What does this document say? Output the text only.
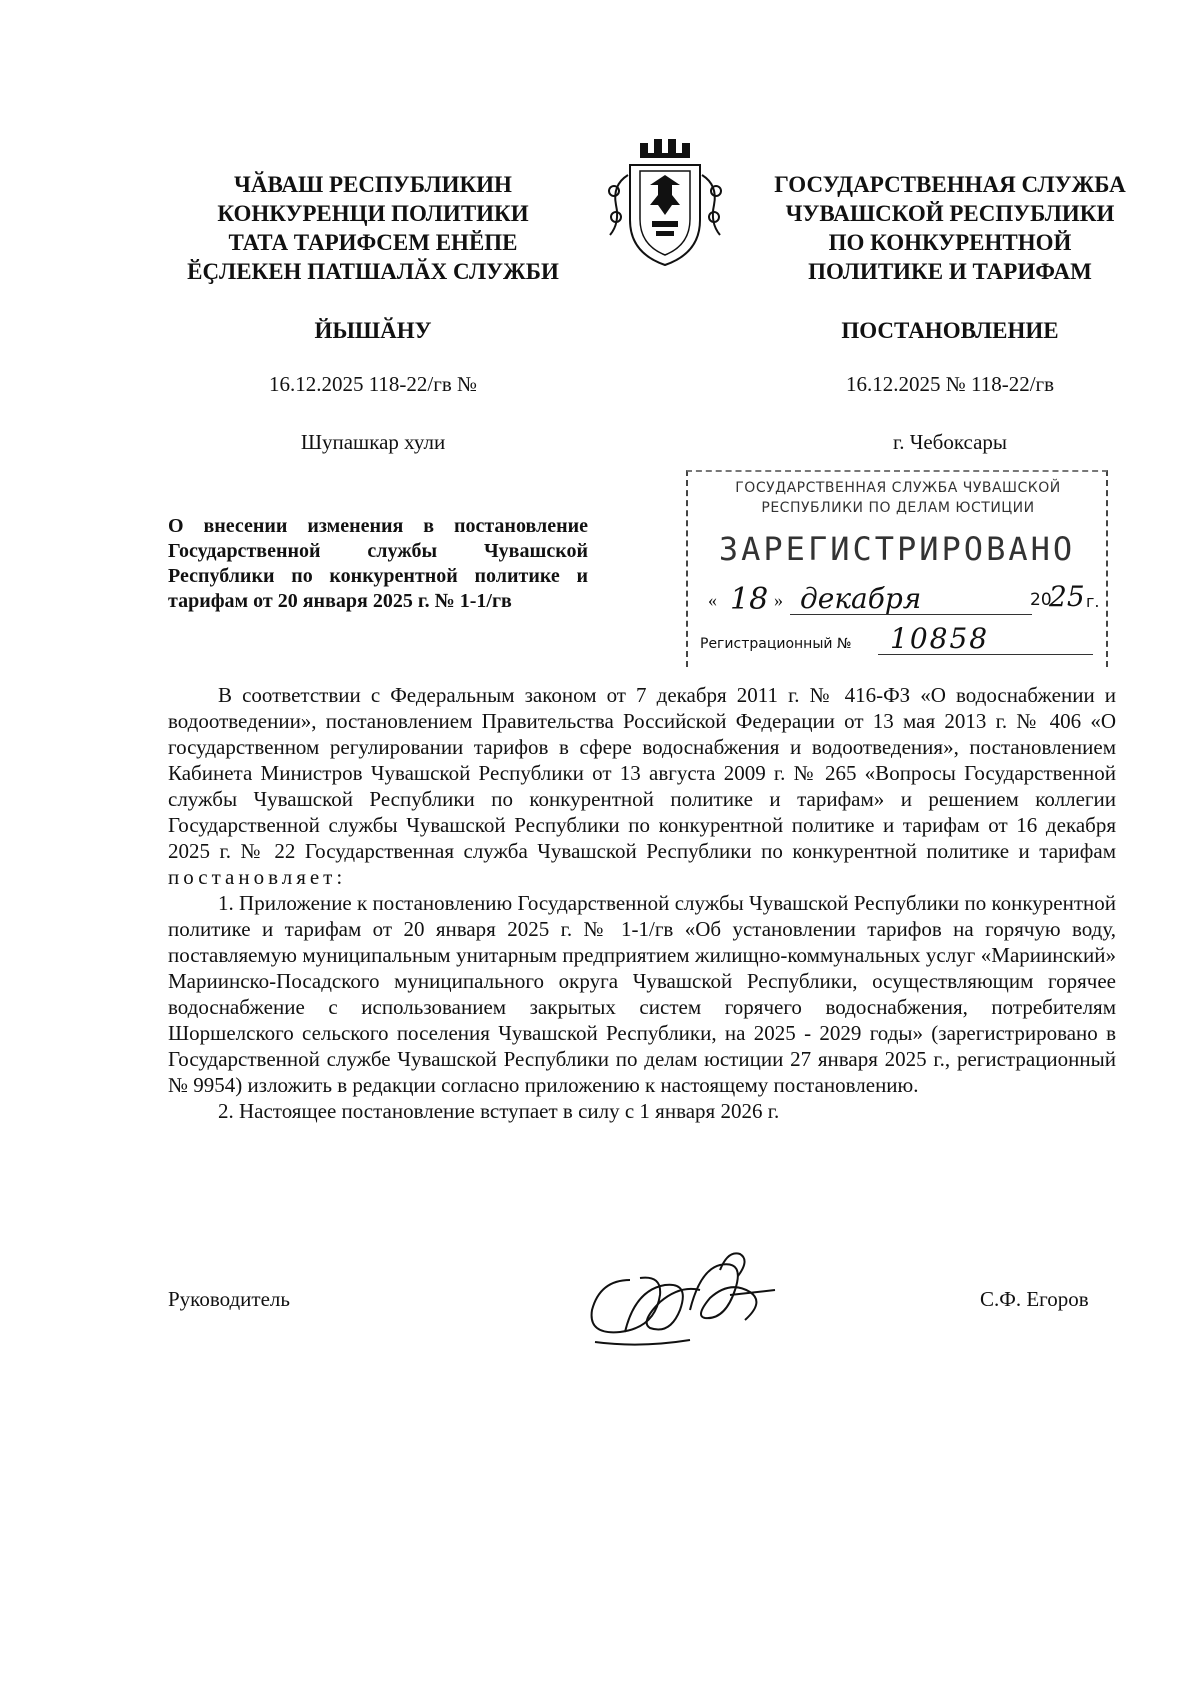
ЧӐВАШ РЕСПУБЛИКИН
КОНКУРЕНЦИ ПОЛИТИКИ
ТАТА ТАРИФСЕМ ЕНӖПЕ
ӖҪЛЕКЕН ПАТШАЛӐХ СЛУЖБИ
ГОСУДАРСТВЕННАЯ СЛУЖБА
ЧУВАШСКОЙ РЕСПУБЛИКИ
ПО КОНКУРЕНТНОЙ
ПОЛИТИКЕ И ТАРИФАМ
ЙЫШӐНУ	ПОСТАНОВЛЕНИЕ
16.12.2025 118-22/гв №	16.12.2025 № 118-22/гв
Шупашкар хули	г. Чебоксары
О внесении изменения в постановление Государственной службы Чувашской Республики по конкурентной политике и тарифам от 20 января 2025 г. № 1-1/гв
ГОСУДАРСТВЕННАЯ СЛУЖБА ЧУВАШСКОЙ
РЕСПУБЛИКИ ПО ДЕЛАМ ЮСТИЦИИ
ЗАРЕГИСТРИРОВАНО
« 18 » декабря	20
25 г.
Регистрационный № 10858

В соответствии с Федеральным законом от 7 декабря 2011 г. № 416-ФЗ «О водоснабжении и водоотведении», постановлением Правительства Российской Федерации от 13 мая 2013 г. № 406 «О государственном регулировании тарифов в сфере водоснабжения и водоотведения», постановлением Кабинета Министров Чувашской Республики от 13 августа 2009 г. № 265 «Вопросы Государственной службы Чувашской Республики по конкурентной политике и тарифам» и решением коллегии Государственной службы Чувашской Республики по конкурентной политике и тарифам от 16 декабря 2025 г. № 22 Государственная служба Чувашской Республики по конкурентной политике и тарифам постановляет:

1. Приложение к постановлению Государственной службы Чувашской Республики по конкурентной политике и тарифам от 20 января 2025 г. № 1-1/гв «Об установлении тарифов на горячую воду, поставляемую муниципальным унитарным предприятием жилищно-коммунальных услуг «Мариинский» Мариинско-Посадского муниципального округа Чувашской Республики, осуществляющим горячее водоснабжение с использованием закрытых систем горячего водоснабжения, потребителям Шоршелского сельского поселения Чувашской Республики, на 2025 - 2029 годы» (зарегистрировано в Государственной службе Чувашской Республики по делам юстиции 27 января 2025 г., регистрационный № 9954) изложить в редакции согласно приложению к настоящему постановлению.

2. Настоящее постановление вступает в силу с 1 января 2026 г.

Руководитель	С.Ф. Егоров
